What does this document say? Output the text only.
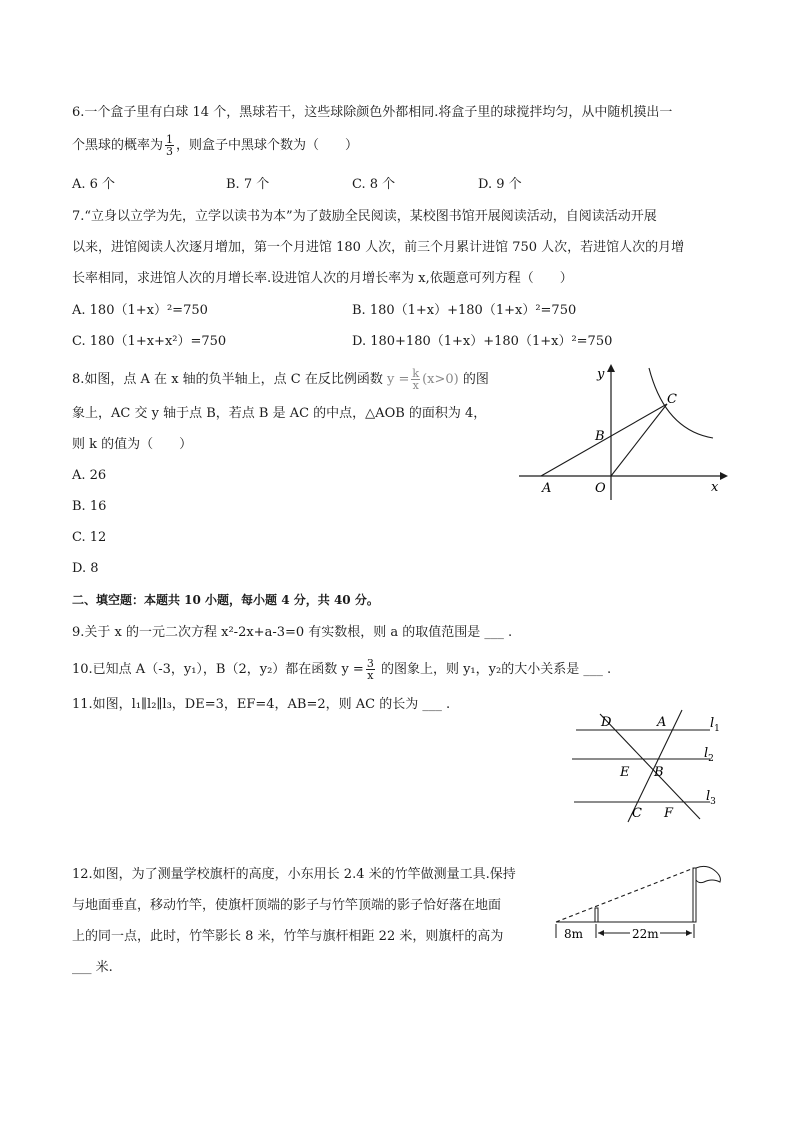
6.一个盒子里有白球 14 个，黑球若干，这些球除颜色外都相同.将盒子里的球搅拌均匀，从中随机摸出一
个黑球的概率为 $\frac{1}{3}$ ，则盒子中黑球个数为（　　）
A. 6 个	B. 7 个	C. 8 个	D. 9 个
7.“立身以立学为先，立学以读书为本”为了鼓励全民阅读，某校图书馆开展阅读活动，自阅读活动开展
以来，进馆阅读人次逐月增加，第一个月进馆 180 人次，前三个月累计进馆 750 人次，若进馆人次的月增
长率相同，求进馆人次的月增长率.设进馆人次的月增长率为 x,依题意可列方程（　　）
A. 180（1+x）²=750	B. 180（1+x）+180（1+x）²=750
C. 180（1+x+x²）=750	D. 180+180（1+x）+180（1+x）²=750
8.如图，点 A 在 x 轴的负半轴上，点 C 在反比例函数 $y = \frac{k}{x} (x>0)$ 的图
象上，AC 交 y 轴于点 B，若点 B 是 AC 的中点，△AOB 的面积为 4，
则 k 的值为（　　）
A. 26
B. 16
C. 12
D. 8
y
x
C
B
A	O
二、填空题：本题共 10 小题，每小题 4 分，共 40 分。
9.关于 x 的一元二次方程 x²-2x+a-3=0 有实数根，则 a 的取值范围是 ___ .
10.已知点 A（-3，y₁），B（2，y₂）都在函数 $y = \frac{3}{x}$ 的图象上，则 y₁，y₂的大小关系是 ___ .
11.如图，l₁∥l₂∥l₃，DE=3，EF=4，AB=2，则 AC 的长为 ___ .
D	A	$l_1$
$l_2$
E B
$l_3$
C F
12.如图，为了测量学校旗杆的高度，小东用长 2.4 米的竹竿做测量工具.保持
与地面垂直，移动竹竿，使旗杆顶端的影子与竹竿顶端的影子恰好落在地面
上的同一点，此时，竹竿影长 8 米，竹竿与旗杆相距 22 米，则旗杆的高为
___ 米.
8m	22m
